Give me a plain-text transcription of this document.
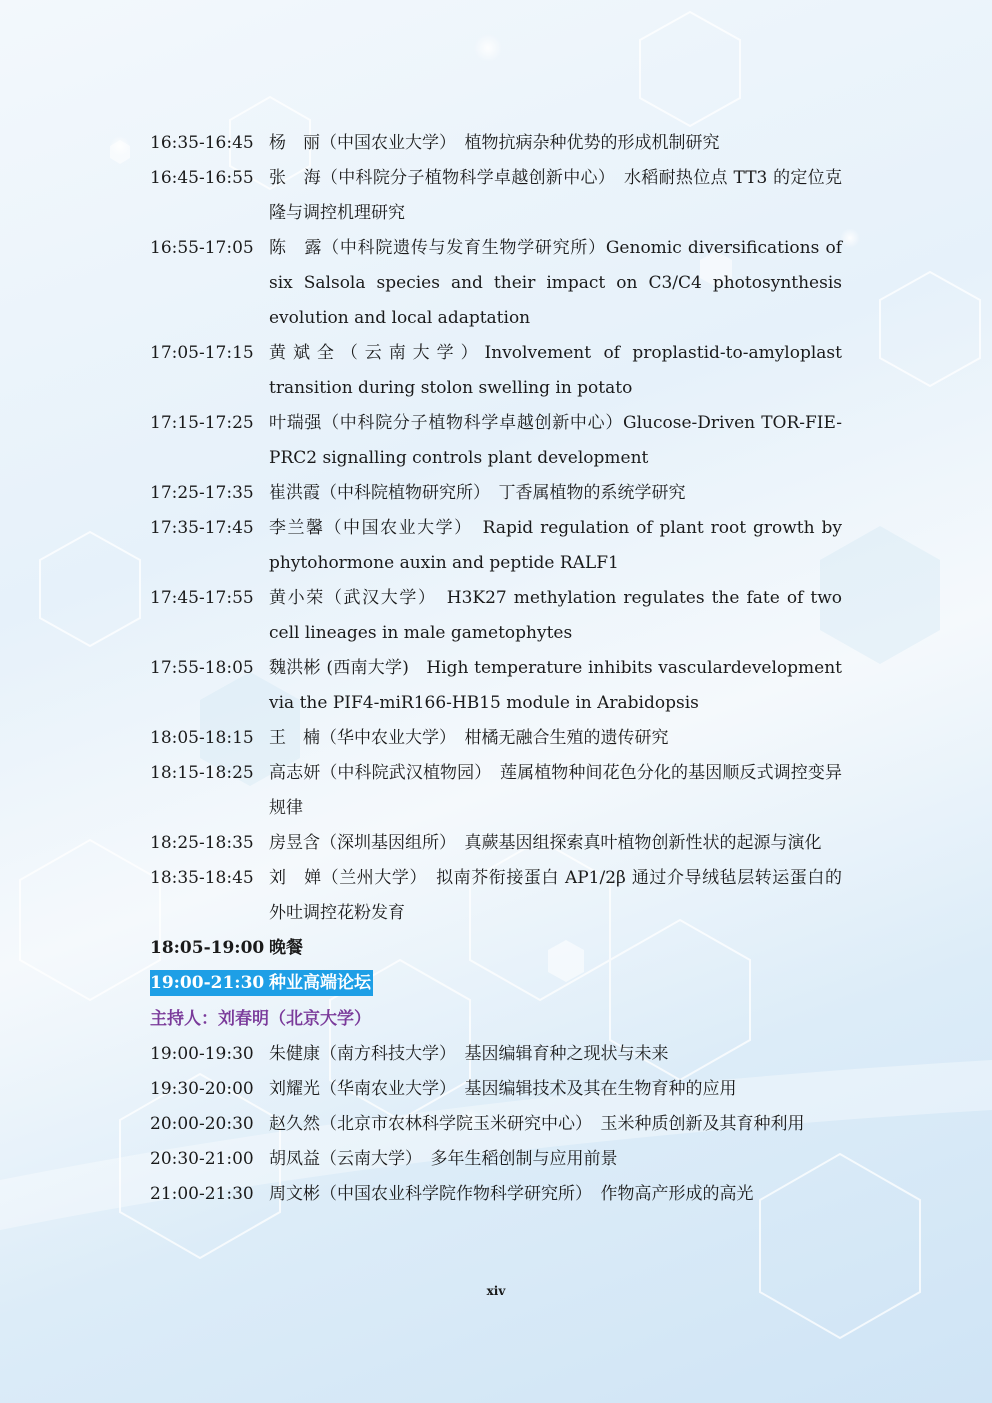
16:35-16:45 杨　丽（中国农业大学）　植物抗病杂种优势的形成机制研究
16:45-16:55 张　海（中科院分子植物科学卓越创新中心）　水稻耐热位点 TT3 的定位克隆与调控机理研究
16:55-17:05 陈　露（中科院遗传与发育生物学研究所）Genomic diversifications of six Salsola species and their impact on C3/C4 photosynthesis evolution and local adaptation
17:05-17:15 黄斌全（云南大学）Involvement of proplastid-to-amyloplast transition during stolon swelling in potato
17:15-17:25 叶瑞强（中科院分子植物科学卓越创新中心）Glucose-Driven TOR-FIE-PRC2 signalling controls plant development
17:25-17:35 崔洪霞（中科院植物研究所）　丁香属植物的系统学研究
17:35-17:45 李兰馨（中国农业大学）　Rapid regulation of plant root growth by phytohormone auxin and peptide RALF1
17:45-17:55 黄小荣（武汉大学）　H3K27 methylation regulates the fate of two cell lineages in male gametophytes
17:55-18:05 魏洪彬 (西南大学)　High temperature inhibits vasculardevelopment via the PIF4-miR166-HB15 module in Arabidopsis
18:05-18:15 王　楠（华中农业大学）　柑橘无融合生殖的遗传研究
18:15-18:25 高志妍（中科院武汉植物园）　莲属植物种间花色分化的基因顺反式调控变异规律
18:25-18:35 房昱含（深圳基因组所）　真蕨基因组探索真叶植物创新性状的起源与演化
18:35-18:45 刘　婵（兰州大学）　拟南芥衔接蛋白 AP1/2β 通过介导绒毡层转运蛋白的外吐调控花粉发育
18:05-19:00 晚餐
19:00-21:30 种业高端论坛
主持人：刘春明（北京大学）
19:00-19:30 朱健康（南方科技大学）　基因编辑育种之现状与未来
19:30-20:00 刘耀光（华南农业大学）　基因编辑技术及其在生物育种的应用
20:00-20:30 赵久然（北京市农林科学院玉米研究中心）　玉米种质创新及其育种利用
20:30-21:00 胡凤益（云南大学）　多年生稻创制与应用前景
21:00-21:30 周文彬（中国农业科学院作物科学研究所）　作物高产形成的高光
xiv
